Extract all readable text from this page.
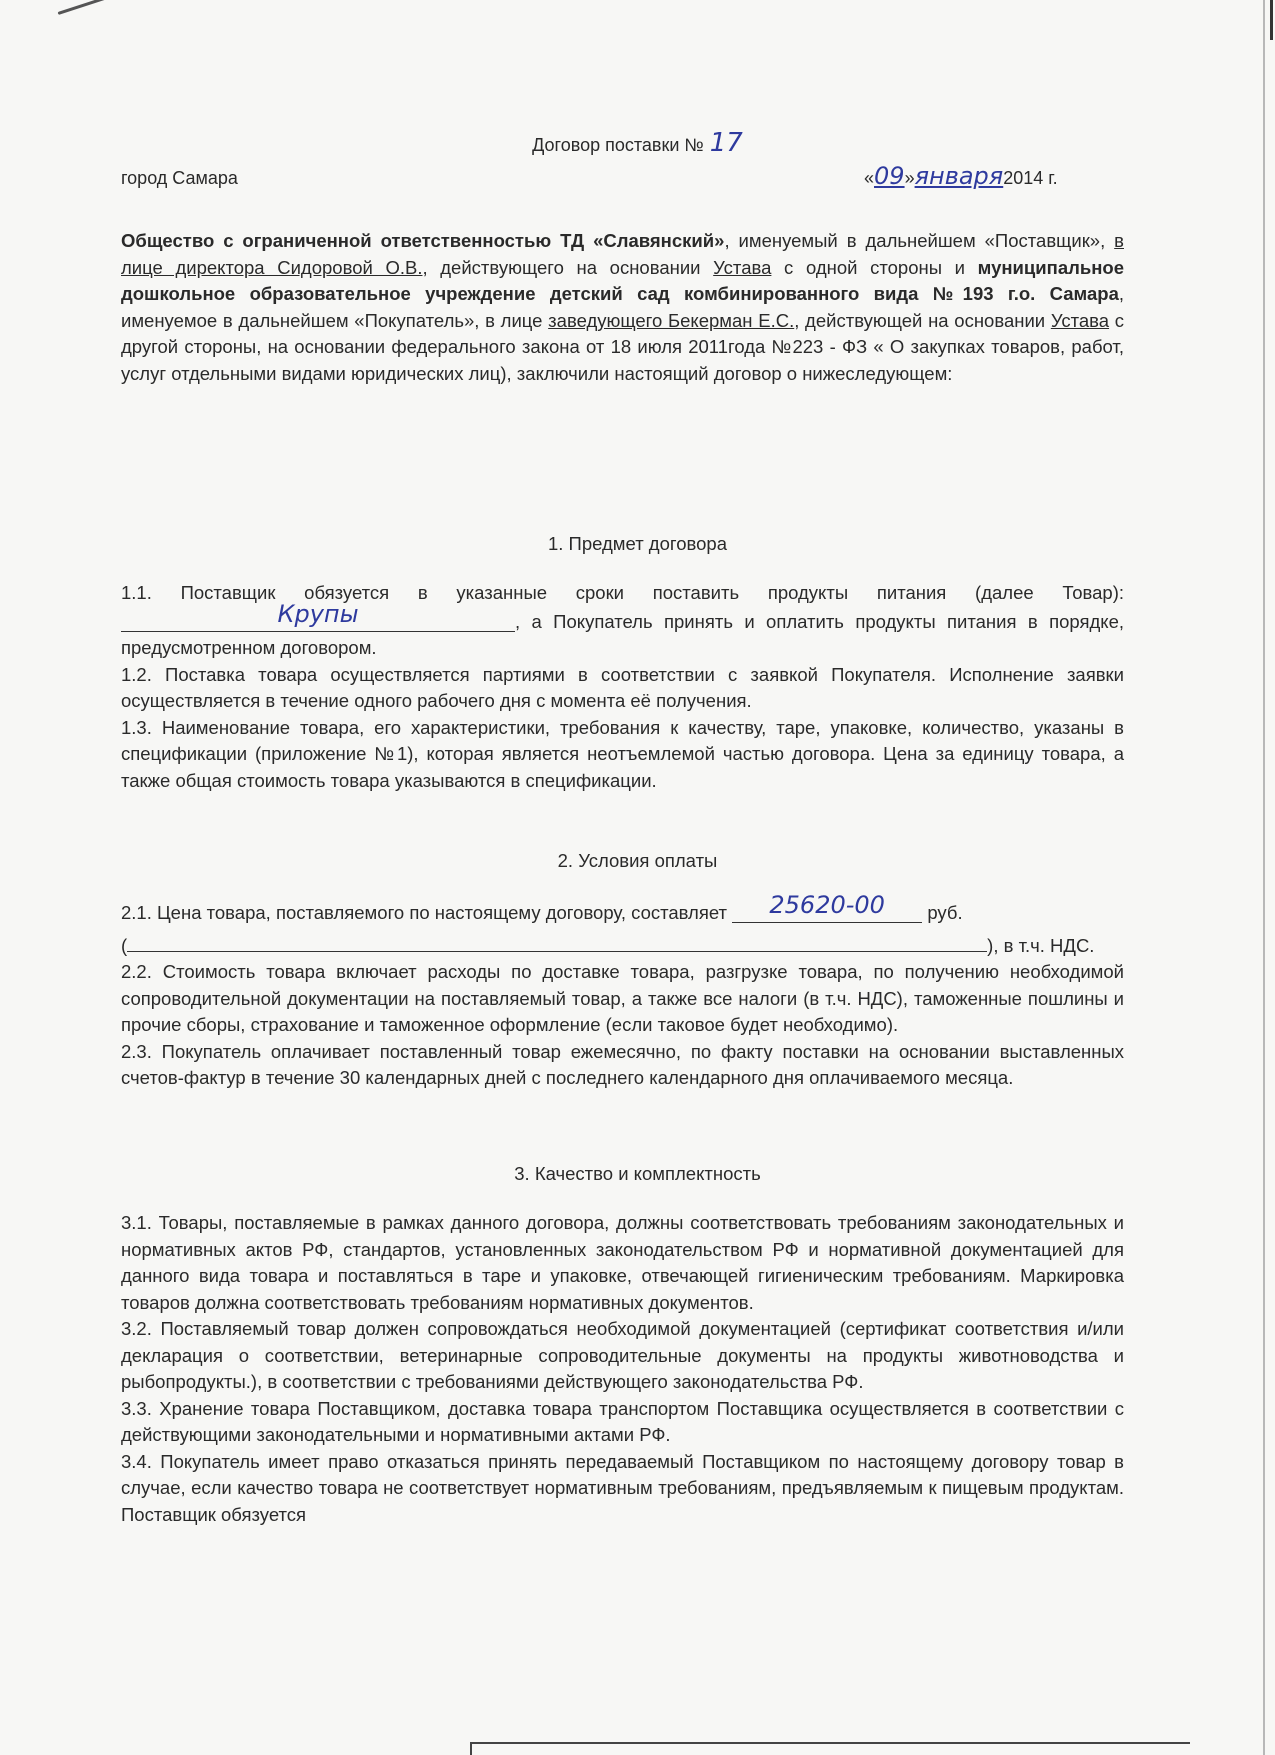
Договор поставки № 17
город Самара	«09»января2014 г.
Общество с ограниченной ответственностью ТД «Славянский», именуемый в дальнейшем «Поставщик», в лице директора Сидоровой О.В., действующего на основании Устава с одной стороны и муниципальное дошкольное образовательное учреждение детский сад комбинированного вида №193 г.о. Самара, именуемое в дальнейшем «Покупатель», в лице заведующего Бекерман Е.С., действующей на основании Устава с другой стороны, на основании федерального закона от 18 июля 2011года №223 - ФЗ « О закупках товаров, работ, услуг отдельными видами юридических лиц), заключили настоящий договор о нижеследующем:
1. Предмет договора
1.1. Поставщик обязуется в указанные сроки поставить продукты питания (далее Товар): Крупы	, а Покупатель принять и оплатить продукты питания в порядке, предусмотренном договором.
1.2. Поставка товара осуществляется партиями в соответствии с заявкой Покупателя. Исполнение заявки осуществляется в течение одного рабочего дня с момента её получения.
1.3. Наименование товара, его характеристики, требования к качеству, таре, упаковке, количество, указаны в спецификации (приложение №1), которая является неотъемлемой частью договора. Цена за единицу товара, а также общая стоимость товара указываются в спецификации.
2. Условия оплаты
2.1. Цена товара, поставляемого по настоящему договору, составляет 25620-00 руб.
(	), в т.ч. НДС.
2.2. Стоимость товара включает расходы по доставке товара, разгрузке товара, по получению необходимой сопроводительной документации на поставляемый товар, а также все налоги (в т.ч. НДС), таможенные пошлины и прочие сборы, страхование и таможенное оформление (если таковое будет необходимо).
2.3. Покупатель оплачивает поставленный товар ежемесячно, по факту поставки на основании выставленных счетов-фактур в течение 30 календарных дней с последнего календарного дня оплачиваемого месяца.
3. Качество и комплектность
3.1. Товары, поставляемые в рамках данного договора, должны соответствовать требованиям законодательных и нормативных актов РФ, стандартов, установленных законодательством РФ и нормативной документацией для данного вида товара и поставляться в таре и упаковке, отвечающей гигиеническим требованиям. Маркировка товаров должна соответствовать требованиям нормативных документов.
3.2. Поставляемый товар должен сопровождаться необходимой документацией (сертификат соответствия и/или декларация о соответствии, ветеринарные сопроводительные документы на продукты животноводства и рыбопродукты.), в соответствии с требованиями действующего законодательства РФ.
3.3. Хранение товара Поставщиком, доставка товара транспортом Поставщика осуществляется в соответствии с действующими законодательными и нормативными актами РФ.
3.4. Покупатель имеет право отказаться принять передаваемый Поставщиком по настоящему договору товар в случае, если качество товара не соответствует нормативным требованиям, предъявляемым к пищевым продуктам. Поставщик обязуется
